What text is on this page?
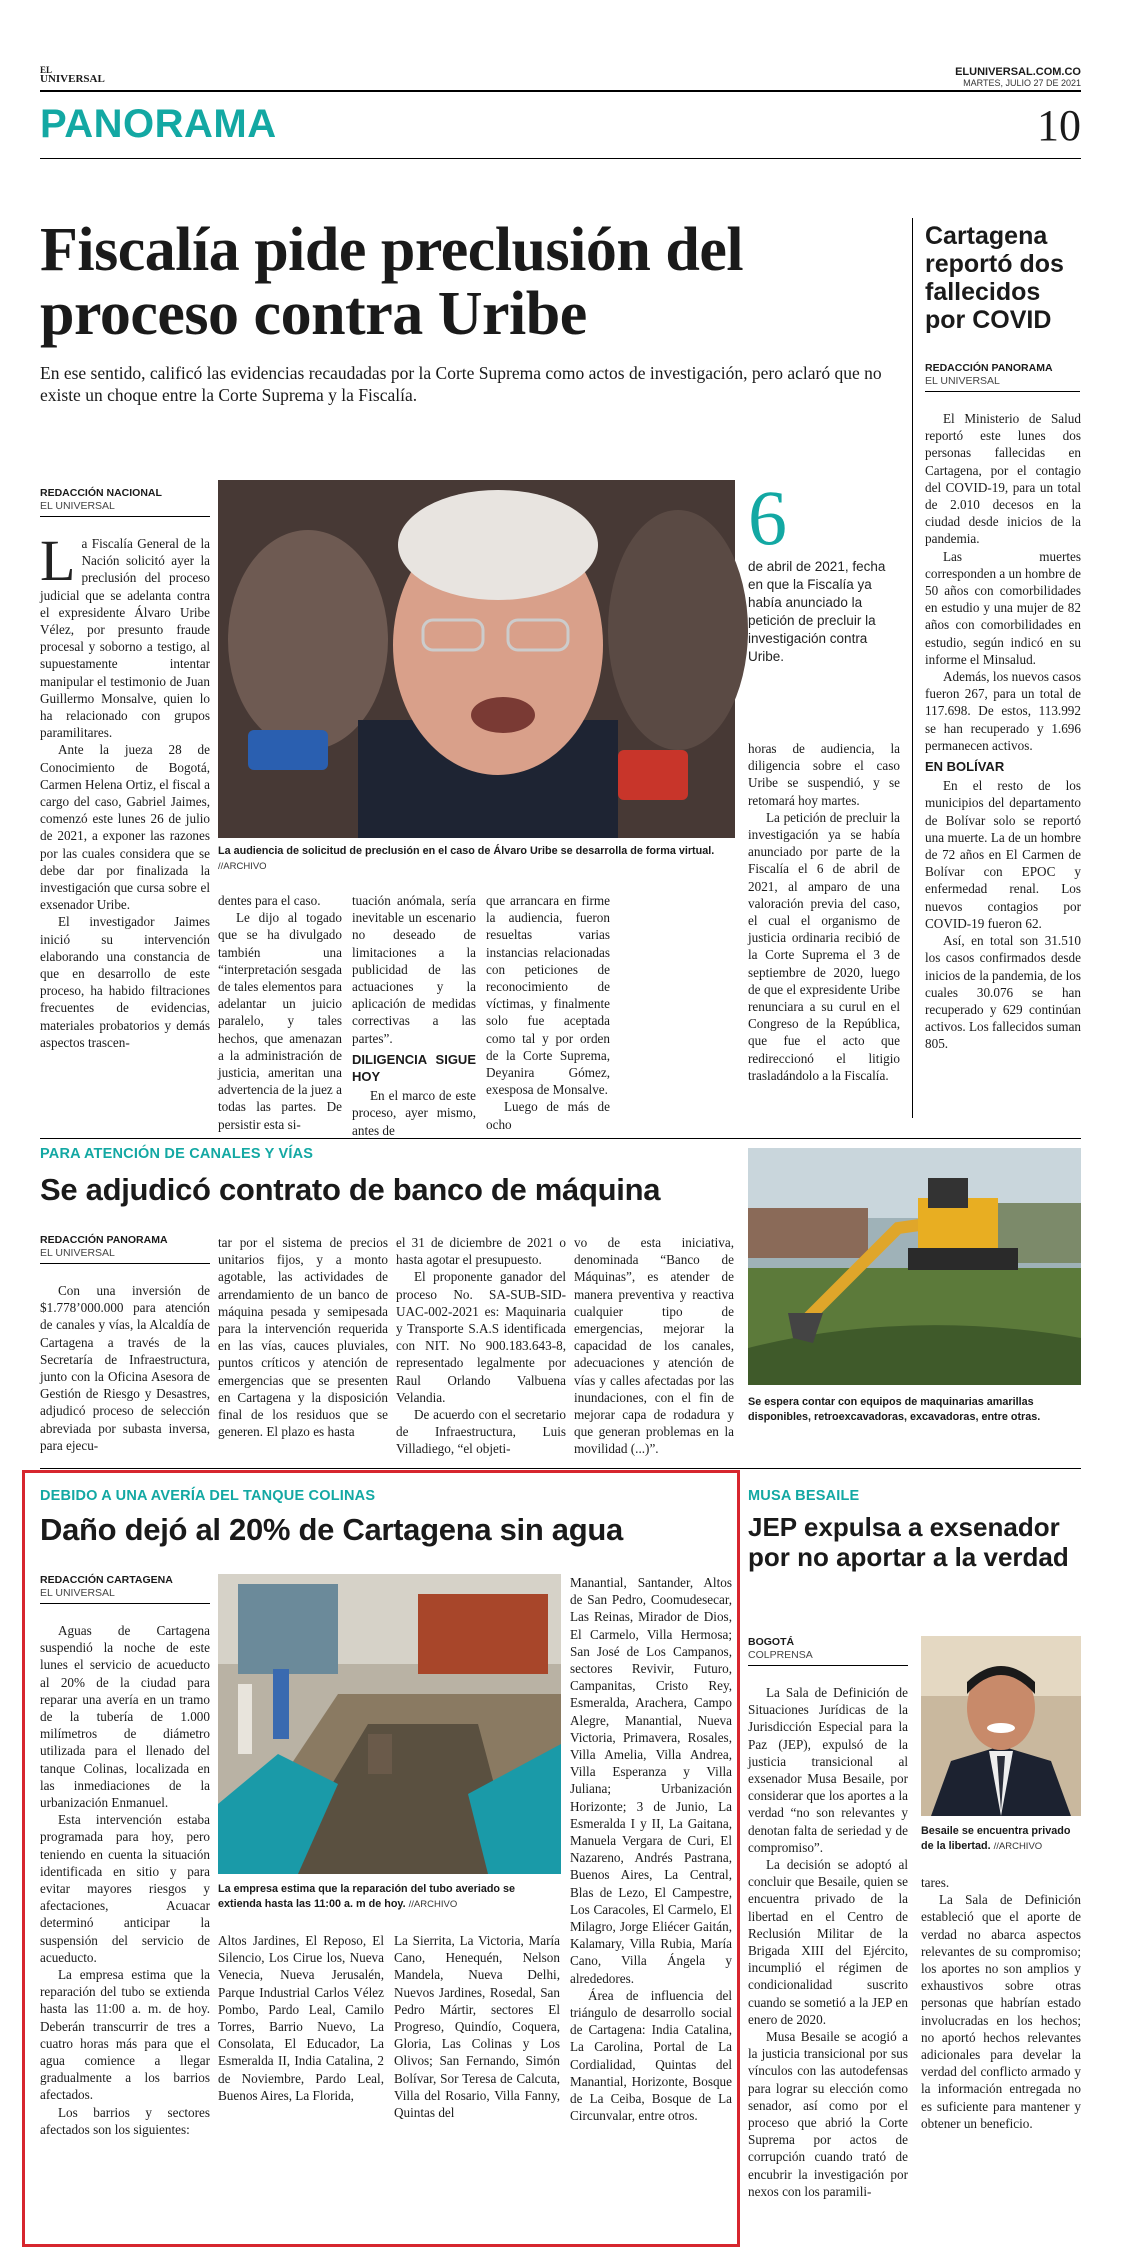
EL
UNIVERSAL
ELUNIVERSAL.COM.CO
MARTES, JULIO 27 DE 2021
PANORAMA	10
Fiscalía pide preclusión del proceso contra Uribe
En ese sentido, calificó las evidencias recaudadas por la Corte Suprema como actos de investigación, pero aclaró que no existe un choque entre la Corte Suprema y la Fiscalía.
REDACCIÓN NACIONAL
EL UNIVERSAL

La Fiscalía General de la Nación solicitó ayer la preclusión del proceso judicial que se adelanta contra el expresidente Álvaro Uribe Vélez, por presunto fraude procesal y soborno a testigo, al supuestamente intentar manipular el testimonio de Juan Guillermo Monsalve, quien lo ha relacionado con grupos paramilitares.

Ante la jueza 28 de Conocimiento de Bogotá, Carmen Helena Ortiz, el fiscal a cargo del caso, Gabriel Jaimes, comenzó este lunes 26 de julio de 2021, a exponer las razones por las cuales considera que se debe dar por finalizada la investigación que cursa sobre el exsenador Uribe.

El investigador Jaimes inició su intervención elaborando una constancia de que en desarrollo de este proceso, ha habido filtraciones frecuentes de evidencias, materiales probatorios y demás aspectos trascen-

La audiencia de solicitud de preclusión en el caso de Álvaro Uribe se desarrolla de forma virtual. //ARCHIVO
6
de abril de 2021, fecha en que la Fiscalía ya había anunciado la petición de precluir la investigación contra Uribe.

dentes para el caso.

Le dijo al togado que se ha divulgado también una “interpretación sesgada de tales elementos para adelantar un juicio paralelo, y tales hechos, que amenazan a la administración de justicia, ameritan una advertencia de la juez a todas las partes. De persistir esta si-

tuación anómala, sería inevitable un escenario no deseado de limitaciones a la publicidad de las actuaciones y la aplicación de medidas correctivas a las partes”.

DILIGENCIA SIGUE HOY

En el marco de este proceso, ayer mismo, antes de

que arrancara en firme la audiencia, fueron resueltas varias instancias relacionadas con peticiones de reconocimiento de víctimas, y finalmente solo fue aceptada como tal y por orden de la Corte Suprema, Deyanira Gómez, exesposa de Monsalve.

Luego de más de ocho

horas de audiencia, la diligencia sobre el caso Uribe se suspendió, y se retomará hoy martes.

La petición de precluir la investigación ya se había anunciado por parte de la Fiscalía el 6 de abril de 2021, al amparo de una valoración previa del caso, el cual el organismo de justicia ordinaria recibió de la Corte Suprema el 3 de septiembre de 2020, luego de que el expresidente Uribe renunciara a su curul en el Congreso de la República, que fue el acto que redireccionó el litigio trasladándolo a la Fiscalía.

Cartagena reportó dos fallecidos por COVID
REDACCIÓN PANORAMA
EL UNIVERSAL

El Ministerio de Salud reportó este lunes dos personas fallecidas en Cartagena, por el contagio del COVID-19, para un total de 2.010 decesos en la ciudad desde inicios de la pandemia.

Las muertes corresponden a un hombre de 50 años con comorbilidades en estudio y una mujer de 82 años con comorbilidades en estudio, según indicó en su informe el Minsalud.

Además, los nuevos casos fueron 267, para un total de 117.698. De estos, 113.992 se han recuperado y 1.696 permanecen activos.

EN BOLÍVAR

En el resto de los municipios del departamento de Bolívar solo se reportó una muerte. La de un hombre de 72 años en El Carmen de Bolívar con EPOC y enfermedad renal. Los nuevos contagios por COVID-19 fueron 62.

Así, en total son 31.510 los casos confirmados desde inicios de la pandemia, de los cuales 30.076 se han recuperado y 629 continúan activos. Los fallecidos suman 805.

PARA ATENCIÓN DE CANALES Y VÍAS
Se adjudicó contrato de banco de máquina
REDACCIÓN PANORAMA
EL UNIVERSAL

Con una inversión de $1.778’000.000 para atención de canales y vías, la Alcaldía de Cartagena a través de la Secretaría de Infraestructura, junto con la Oficina Asesora de Gestión de Riesgo y Desastres, adjudicó proceso de selección abreviada por subasta inversa, para ejecu-

tar por el sistema de precios unitarios fijos, y a monto agotable, las actividades de arrendamiento de un banco de máquina pesada y semipesada para la intervención requerida en las vías, cauces pluviales, puntos críticos y atención de emergencias que se presenten en Cartagena y la disposición final de los residuos que se generen. El plazo es hasta

el 31 de diciembre de 2021 o hasta agotar el presupuesto.

El proponente ganador del proceso No. SA-SUB-SID-UAC-002-2021 es: Maquinaria y Transporte S.A.S identificada con NIT. No 900.183.643-8, representado legalmente por Raul Orlando Valbuena Velandia.

De acuerdo con el secretario de Infraestructura, Luis Villadiego, “el objeti-

vo de esta iniciativa, denominada “Banco de Máquinas”, es atender de manera preventiva y reactiva cualquier tipo de emergencias, mejorar la capacidad de los canales, adecuaciones y atención de vías y calles afectadas por las inundaciones, con el fin de mejorar capa de rodadura y que generan problemas en la movilidad (...)”.

Se espera contar con equipos de maquinarias amarillas disponibles, retroexcavadoras, excavadoras, entre otras.
DEBIDO A UNA AVERÍA DEL TANQUE COLINAS
Daño dejó al 20% de Cartagena sin agua
REDACCIÓN CARTAGENA
EL UNIVERSAL

Aguas de Cartagena suspendió la noche de este lunes el servicio de acueducto al 20% de la ciudad para reparar una avería en un tramo de la tubería de 1.000 milímetros de diámetro utilizada para el llenado del tanque Colinas, localizada en las inmediaciones de la urbanización Enmanuel.

Esta intervención estaba programada para hoy, pero teniendo en cuenta la situación identificada en sitio y para evitar mayores riesgos y afectaciones, Acuacar determinó anticipar la suspensión del servicio de acueducto.

La empresa estima que la reparación del tubo se extienda hasta las 11:00 a. m. de hoy. Deberán transcurrir de tres a cuatro horas más para que el agua comience a llegar gradualmente a los barrios afectados.

Los barrios y sectores afectados son los siguientes:

La empresa estima que la reparación del tubo averiado se extienda hasta las 11:00 a. m de hoy. //ARCHIVO

Altos Jardines, El Reposo, El Silencio, Los Cirue los, Nueva Venecia, Nueva Jerusalén, Parque Industrial Carlos Vélez Pombo, Pardo Leal, Camilo Torres, Barrio Nuevo, La Consolata, El Educador, La Esmeralda II, India Catalina, 2 de Noviembre, Pardo Leal, Buenos Aires, La Florida,

La Sierrita, La Victoria, María Cano, Henequén, Nelson Mandela, Nueva Delhi, Nuevos Jardines, Rosedal, San Pedro Mártir, sectores El Progreso, Quindío, Coquera, Gloria, Las Colinas y Los Olivos; San Fernando, Simón Bolívar, Sor Teresa de Calcuta, Villa del Rosario, Villa Fanny, Quintas del

Manantial, Santander, Altos de San Pedro, Coomudesecar, Las Reinas, Mirador de Dios, El Carmelo, Villa Hermosa; San José de Los Campanos, sectores Revivir, Futuro, Campanitas, Cristo Rey, Esmeralda, Arachera, Campo Alegre, Manantial, Nueva Victoria, Primavera, Rosales, Villa Amelia, Villa Andrea, Villa Esperanza y Villa Juliana; Urbanización Horizonte; 3 de Junio, La Esmeralda I y II, La Gaitana, Manuela Vergara de Curi, El Nazareno, Andrés Pastrana, Buenos Aires, La Central, Blas de Lezo, El Campestre, Los Caracoles, El Carmelo, El Milagro, Jorge Eliécer Gaitán, Kalamary, Villa Rubia, María Cano, Villa Ángela y alrededores.

Área de influencia del triángulo de desarrollo social de Cartagena: India Catalina, La Carolina, Portal de La Cordialidad, Quintas del Manantial, Horizonte, Bosque de La Ceiba, Bosque de La Circunvalar, entre otros.

MUSA BESAILE
JEP expulsa a exsenador por no aportar a la verdad
BOGOTÁ
COLPRENSA

La Sala de Definición de Situaciones Jurídicas de la Jurisdicción Especial para la Paz (JEP), expulsó de la justicia transicional al exsenador Musa Besaile, por considerar que los aportes a la verdad “no son relevantes y denotan falta de seriedad y de compromiso”.

La decisión se adoptó al concluir que Besaile, quien se encuentra privado de la libertad en el Centro de Reclusión Militar de la Brigada XIII del Ejército, incumplió el régimen de condicionalidad suscrito cuando se sometió a la JEP en enero de 2020.

Musa Besaile se acogió a la justicia transicional por sus vínculos con las autodefensas para lograr su elección como senador, así como por el proceso que abrió la Corte Suprema por actos de corrupción cuando trató de encubrir la investigación por nexos con los paramili-

Besaile se encuentra privado de la libertad. //ARCHIVO

tares.

La Sala de Definición estableció que el aporte de verdad no abarca aspectos relevantes de su compromiso; los aportes no son amplios y exhaustivos sobre otras personas que habrían estado involucradas en los hechos; no aportó hechos relevantes adicionales para develar la verdad del conflicto armado y la información entregada no es suficiente para mantener y obtener un beneficio.
